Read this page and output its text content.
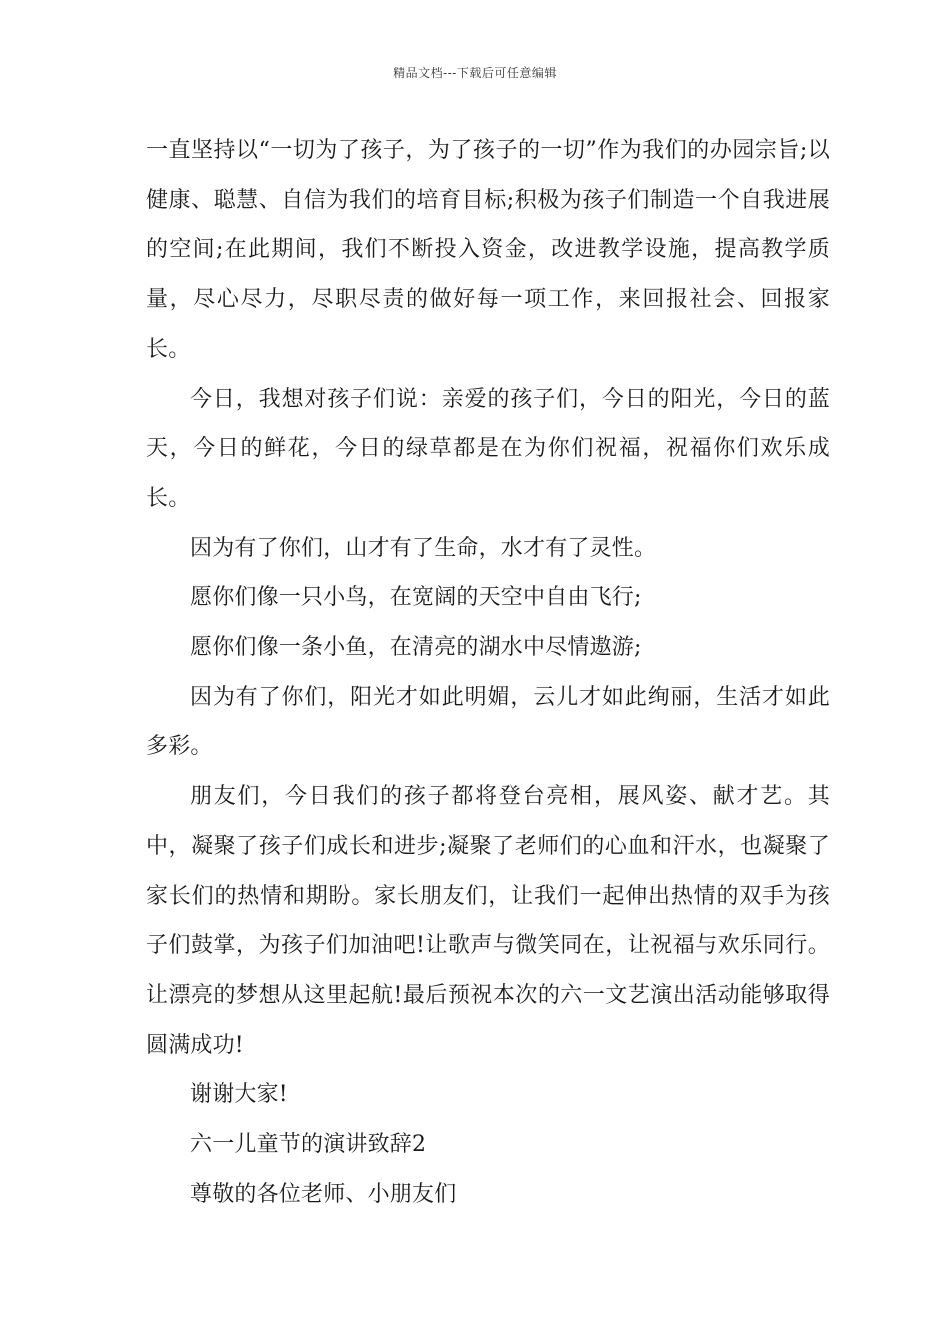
精品文档---下载后可任意编辑

一直坚持以“一切为了孩子，为了孩子的一切”作为我们的办园宗旨;以健康、聪慧、自信为我们的培育目标;积极为孩子们制造一个自我进展的空间;在此期间，我们不断投入资金，改进教学设施，提高教学质量，尽心尽力，尽职尽责的做好每一项工作，来回报社会、回报家长。

今日，我想对孩子们说：亲爱的孩子们，今日的阳光，今日的蓝天，今日的鲜花，今日的绿草都是在为你们祝福，祝福你们欢乐成长。

因为有了你们，山才有了生命，水才有了灵性。

愿你们像一只小鸟，在宽阔的天空中自由飞行;

愿你们像一条小鱼，在清亮的湖水中尽情遨游;

因为有了你们，阳光才如此明媚，云儿才如此绚丽，生活才如此多彩。

朋友们，今日我们的孩子都将登台亮相，展风姿、献才艺。其中，凝聚了孩子们成长和进步;凝聚了老师们的心血和汗水，也凝聚了家长们的热情和期盼。家长朋友们，让我们一起伸出热情的双手为孩子们鼓掌，为孩子们加油吧!让歌声与微笑同在，让祝福与欢乐同行。让漂亮的梦想从这里起航!最后预祝本次的六一文艺演出活动能够取得圆满成功!

谢谢大家!

六一儿童节的演讲致辞2

尊敬的各位老师、小朋友们
